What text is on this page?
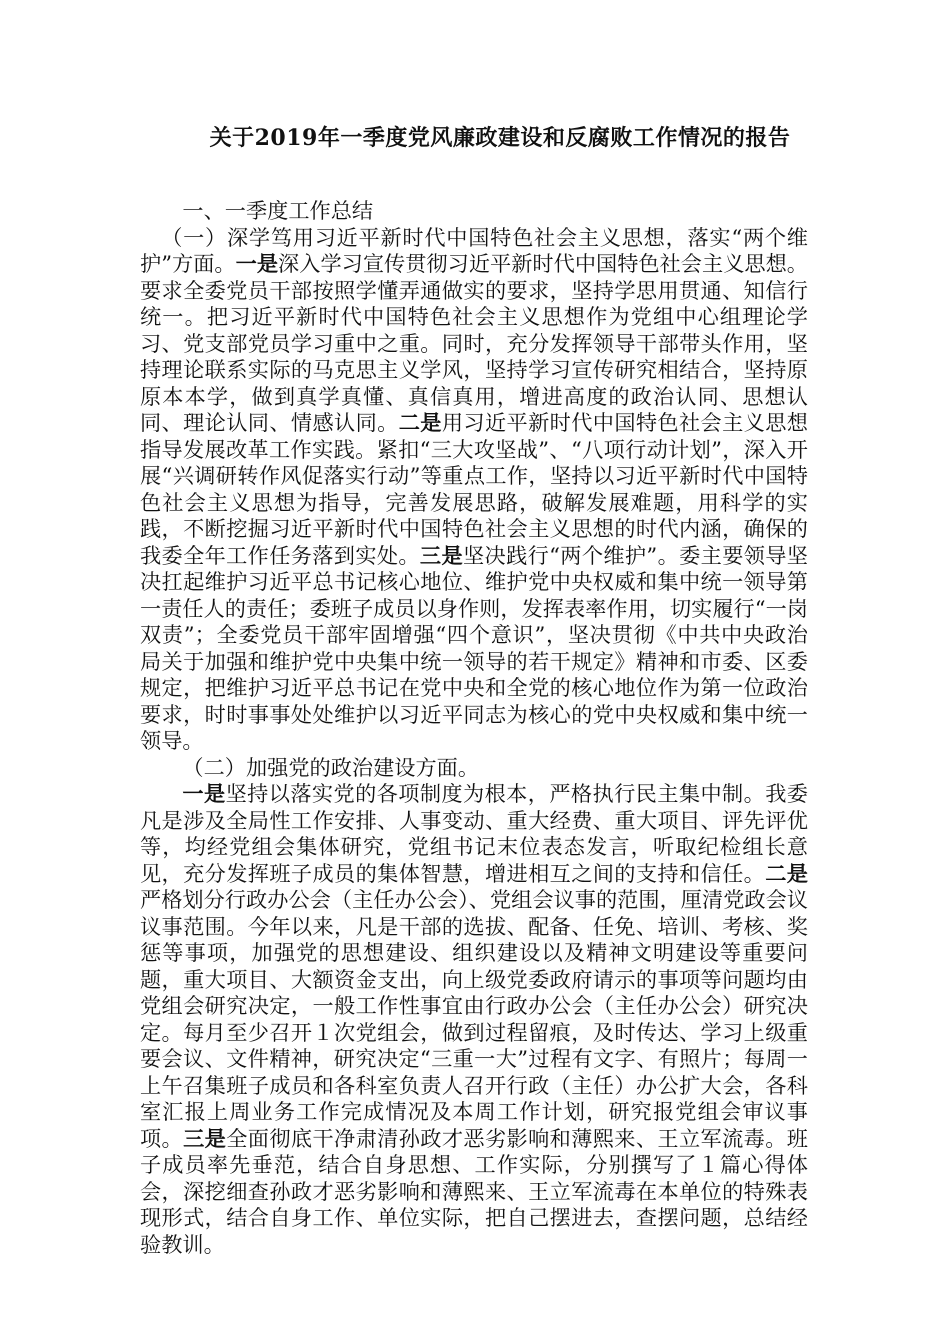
关于2019年一季度党风廉政建设和反腐败工作情况的报告

一、一季度工作总结

（一）深学笃用习近平新时代中国特色社会主义思想，落实“两个维护”方面。一是深入学习宣传贯彻习近平新时代中国特色社会主义思想。要求全委党员干部按照学懂弄通做实的要求，坚持学思用贯通、知信行统一。把习近平新时代中国特色社会主义思想作为党组中心组理论学习、党支部党员学习重中之重。同时，充分发挥领导干部带头作用，坚持理论联系实际的马克思主义学风，坚持学习宣传研究相结合，坚持原原本本学，做到真学真懂、真信真用，增进高度的政治认同、思想认同、理论认同、情感认同。二是用习近平新时代中国特色社会主义思想指导发展改革工作实践。紧扣“三大攻坚战”、“八项行动计划”，深入开展“兴调研转作风促落实行动”等重点工作，坚持以习近平新时代中国特色社会主义思想为指导，完善发展思路，破解发展难题，用科学的实践，不断挖掘习近平新时代中国特色社会主义思想的时代内涵，确保的我委全年工作任务落到实处。三是坚决践行“两个维护”。委主要领导坚决扛起维护习近平总书记核心地位、维护党中央权威和集中统一领导第一责任人的责任；委班子成员以身作则，发挥表率作用，切实履行“一岗双责”；全委党员干部牢固增强“四个意识”，坚决贯彻《中共中央政治局关于加强和维护党中央集中统一领导的若干规定》精神和市委、区委规定，把维护习近平总书记在党中央和全党的核心地位作为第一位政治要求，时时事事处处维护以习近平同志为核心的党中央权威和集中统一领导。

（二）加强党的政治建设方面。

一是坚持以落实党的各项制度为根本，严格执行民主集中制。我委凡是涉及全局性工作安排、人事变动、重大经费、重大项目、评先评优等，均经党组会集体研究，党组书记末位表态发言，听取纪检组长意见，充分发挥班子成员的集体智慧，增进相互之间的支持和信任。二是严格划分行政办公会（主任办公会）、党组会议事的范围，厘清党政会议议事范围。今年以来，凡是干部的选拔、配备、任免、培训、考核、奖惩等事项，加强党的思想建设、组织建设以及精神文明建设等重要问题，重大项目、大额资金支出，向上级党委政府请示的事项等问题均由党组会研究决定，一般工作性事宜由行政办公会（主任办公会）研究决定。每月至少召开１次党组会，做到过程留痕，及时传达、学习上级重要会议、文件精神，研究决定“三重一大”过程有文字、有照片；每周一上午召集班子成员和各科室负责人召开行政（主任）办公扩大会，各科室汇报上周业务工作完成情况及本周工作计划，研究报党组会审议事项。三是全面彻底干净肃清孙政才恶劣影响和薄熙来、王立军流毒。班子成员率先垂范，结合自身思想、工作实际，分别撰写了１篇心得体会，深挖细查孙政才恶劣影响和薄熙来、王立军流毒在本单位的特殊表现形式，结合自身工作、单位实际，把自己摆进去，查摆问题，总结经验教训。
